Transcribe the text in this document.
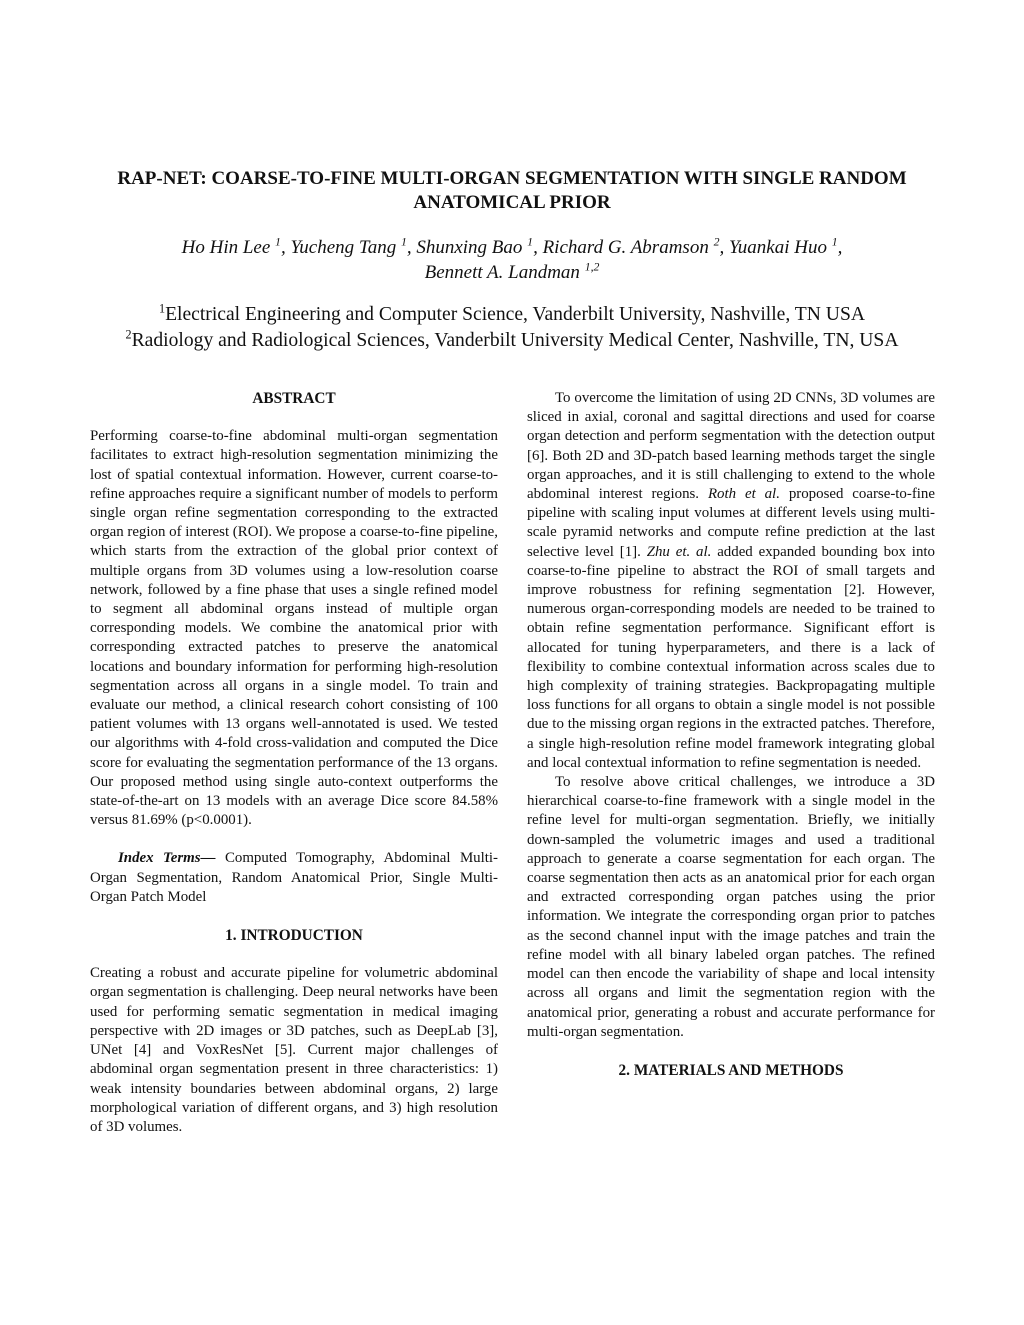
RAP-NET: COARSE-TO-FINE MULTI-ORGAN SEGMENTATION WITH SINGLE RANDOM
ANATOMICAL PRIOR
Ho Hin Lee $^1$, Yucheng Tang $^1$, Shunxing Bao $^1$, Richard G. Abramson $^2$, Yuankai Huo $^1$,
Bennett A. Landman $^{1,2}$
$^1$Electrical Engineering and Computer Science, Vanderbilt University, Nashville, TN USA
$^2$Radiology and Radiological Sciences, Vanderbilt University Medical Center, Nashville, TN, USA

ABSTRACT

Performing coarse-to-fine abdominal multi-organ segmentation facilitates to extract high-resolution segmentation minimizing the lost of spatial contextual information. However, current coarse-to-refine approaches require a significant number of models to perform single organ refine segmentation corresponding to the extracted organ region of interest (ROI). We propose a coarse-to-fine pipeline, which starts from the extraction of the global prior context of multiple organs from 3D volumes using a low-resolution coarse network, followed by a fine phase that uses a single refined model to segment all abdominal organs instead of multiple organ corresponding models. We combine the anatomical prior with corresponding extracted patches to preserve the anatomical locations and boundary information for performing high-resolution segmentation across all organs in a single model. To train and evaluate our method, a clinical research cohort consisting of 100 patient volumes with 13 organs well-annotated is used. We tested our algorithms with 4-fold cross-validation and computed the Dice score for evaluating the segmentation performance of the 13 organs. Our proposed method using single auto-context outperforms the state-of-the-art on 13 models with an average Dice score 84.58% versus 81.69% (p<0.0001).

Index Terms— Computed Tomography, Abdominal Multi-Organ Segmentation, Random Anatomical Prior, Single Multi-Organ Patch Model

1. INTRODUCTION

Creating a robust and accurate pipeline for volumetric abdominal organ segmentation is challenging. Deep neural networks have been used for performing sematic segmentation in medical imaging perspective with 2D images or 3D patches, such as DeepLab [3], UNet [4] and VoxResNet [5]. Current major challenges of abdominal organ segmentation present in three characteristics: 1) weak intensity boundaries between abdominal organs, 2) large morphological variation of different organs, and 3) high resolution of 3D volumes.

To overcome the limitation of using 2D CNNs, 3D volumes are sliced in axial, coronal and sagittal directions and used for coarse organ detection and perform segmentation with the detection output [6]. Both 2D and 3D-patch based learning methods target the single organ approaches, and it is still challenging to extend to the whole abdominal interest regions. Roth et al. proposed coarse-to-fine pipeline with scaling input volumes at different levels using multi-scale pyramid networks and compute refine prediction at the last selective level [1]. Zhu et. al. added expanded bounding box into coarse-to-fine pipeline to abstract the ROI of small targets and improve robustness for refining segmentation [2]. However, numerous organ-corresponding models are needed to be trained to obtain refine segmentation performance. Significant effort is allocated for tuning hyperparameters, and there is a lack of flexibility to combine contextual information across scales due to high complexity of training strategies. Backpropagating multiple loss functions for all organs to obtain a single model is not possible due to the missing organ regions in the extracted patches. Therefore, a single high-resolution refine model framework integrating global and local contextual information to refine segmentation is needed.

To resolve above critical challenges, we introduce a 3D hierarchical coarse-to-fine framework with a single model in the refine level for multi-organ segmentation. Briefly, we initially down-sampled the volumetric images and used a traditional approach to generate a coarse segmentation for each organ. The coarse segmentation then acts as an anatomical prior for each organ and extracted corresponding organ patches using the prior information. We integrate the corresponding organ prior to patches as the second channel input with the image patches and train the refine model with all binary labeled organ patches. The refined model can then encode the variability of shape and local intensity across all organs and limit the segmentation region with the anatomical prior, generating a robust and accurate performance for multi-organ segmentation.

2. MATERIALS AND METHODS
